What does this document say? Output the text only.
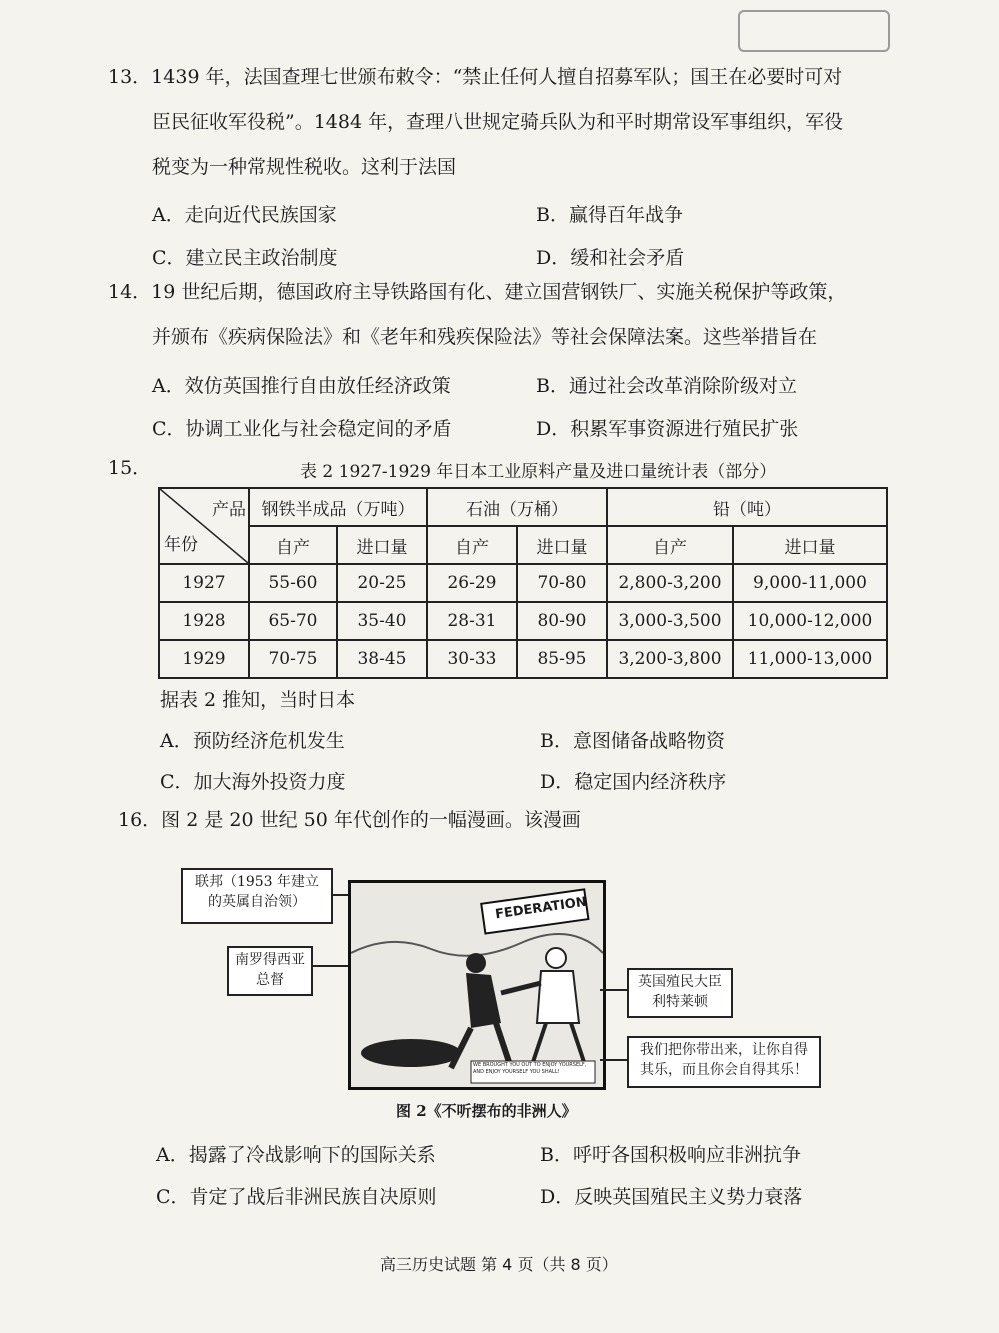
13．1439 年，法国查理七世颁布敕令：“禁止任何人擅自招募军队；国王在必要时可对
臣民征收军役税”。1484 年，查理八世规定骑兵队为和平时期常设军事组织，军役
税变为一种常规性税收。这利于法国
A．走向近代民族国家	B．赢得百年战争
C．建立民主政治制度	D．缓和社会矛盾
14．19 世纪后期，德国政府主导铁路国有化、建立国营钢铁厂、实施关税保护等政策，
并颁布《疾病保险法》和《老年和残疾保险法》等社会保障法案。这些举措旨在
A．效仿英国推行自由放任经济政策	B．通过社会改革消除阶级对立
C．协调工业化与社会稳定间的矛盾	D．积累军事资源进行殖民扩张
15．	表 2 1927-1929 年日本工业原料产量及进口量统计表（部分）
产品
年份	钢铁半成品（万吨）		石油（万桶）		铅（吨）	
	自产	进口量	自产	进口量	自产	进口量
1927	55-60	20-25	26-29	70-80	2,800-3,200	9,000-11,000
1928	65-70	35-40	28-31	80-90	3,000-3,500	10,000-12,000
1929	70-75	38-45	30-33	85-95	3,200-3,800	11,000-13,000
据表 2 推知，当时日本
A．预防经济危机发生	B．意图储备战略物资
C．加大海外投资力度	D．稳定国内经济秩序
16．图 2 是 20 世纪 50 年代创作的一幅漫画。该漫画
FEDERATION
WE BROUGHT YOU OUT TO ENJOY YOURSELF, AND ENJOY YOURSELF YOU SHALL!
联邦（1953 年建立
的英属自治领）
南罗得西亚
总督	英国殖民大臣
利特莱顿
我们把你带出来，让你自得
其乐，而且你会自得其乐！
图 2《不听摆布的非洲人》
A．揭露了冷战影响下的国际关系	B．呼吁各国积极响应非洲抗争
C．肯定了战后非洲民族自决原则	D．反映英国殖民主义势力衰落
高三历史试题 第 4 页（共 8 页）
